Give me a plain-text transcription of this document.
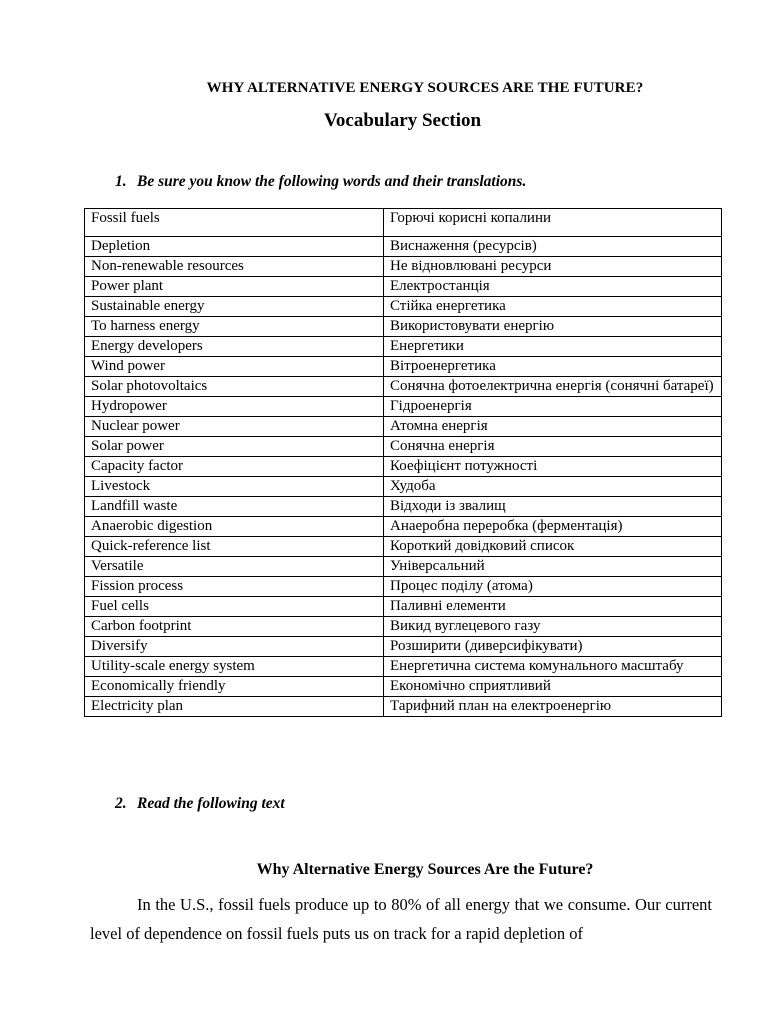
WHY ALTERNATIVE ENERGY SOURCES ARE THE FUTURE?
Vocabulary Section
1. Be sure you know the following words and their translations.
Fossil fuels	Горючі корисні копалини
Depletion	Виснаження (ресурсів)
Non-renewable resources	Не відновлювані ресурси
Power plant	Електростанція
Sustainable energy	Стійка енергетика
To harness energy	Використовувати енергію
Energy developers	Енергетики
Wind power	Вітроенергетика
Solar photovoltaics	Сонячна фотоелектрична енергія (сонячні батареї)
Hydropower	Гідроенергія
Nuclear power	Атомна енергія
Solar power	Сонячна енергія
Capacity factor	Коефіцієнт потужності
Livestock	Худоба
Landfill waste	Відходи із звалищ
Anaerobic digestion	Анаеробна переробка (ферментація)
Quick-reference list	Короткий довідковий список
Versatile	Універсальний
Fission process	Процес поділу (атома)
Fuel cells	Паливні елементи
Carbon footprint	Викид вуглецевого газу
Diversify	Розширити (диверсифікувати)
Utility-scale energy system	Енергетична система комунального масштабу
Economically friendly	Економічно сприятливий
Electricity plan	Тарифний план на електроенергію
2. Read the following text
Why Alternative Energy Sources Are the Future?
In the U.S., fossil fuels produce up to 80% of all energy that we consume. Our current level of dependence on fossil fuels puts us on track for a rapid depletion of
